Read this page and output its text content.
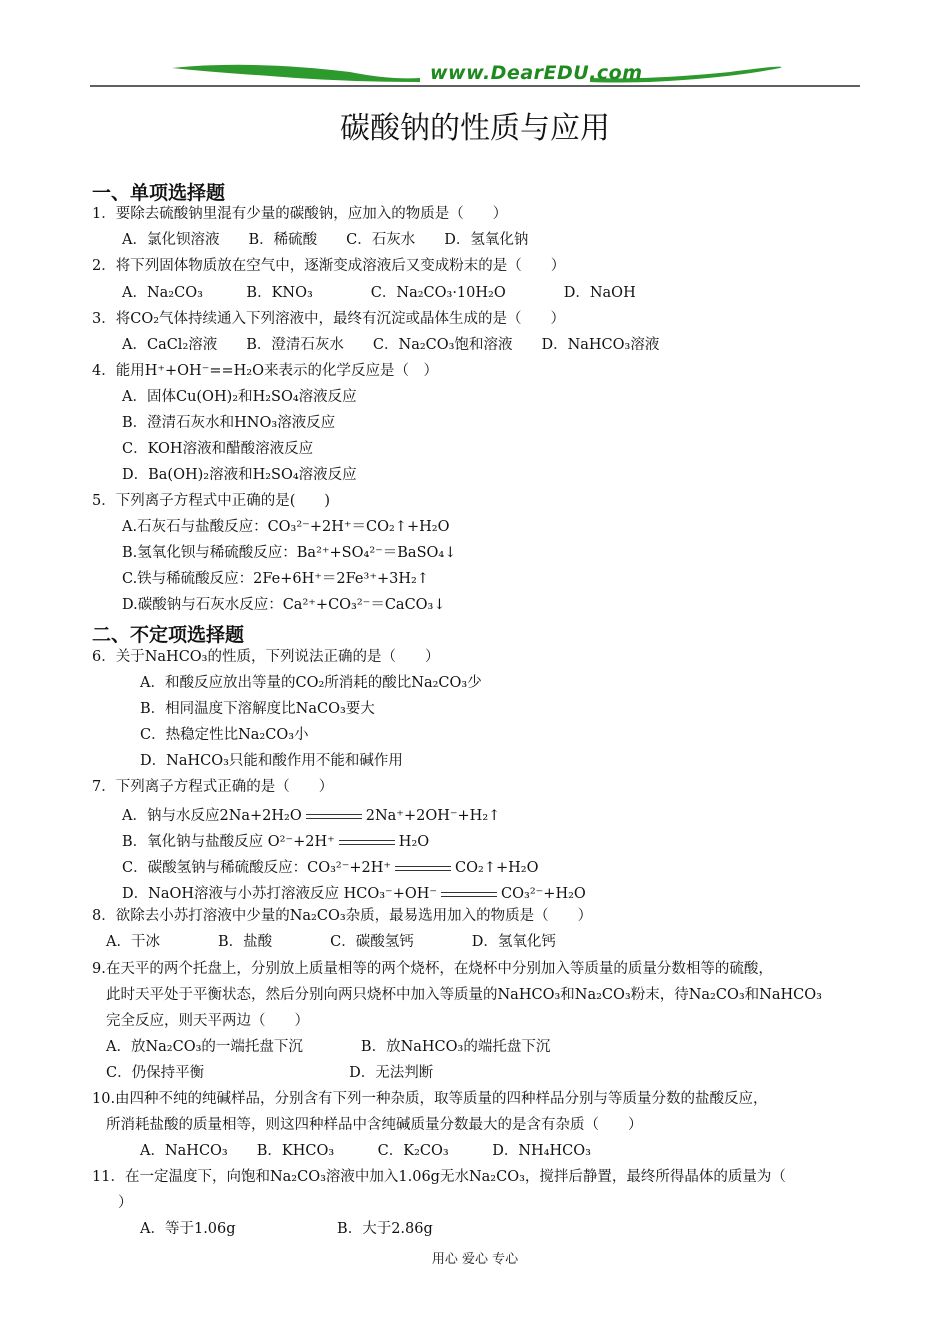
www.DearEDU.com
碳酸钠的性质与应用
一、单项选择题
1．要除去硫酸钠里混有少量的碳酸钠，应加入的物质是（　　）
A．氯化钡溶液　　B．稀硫酸　　C．石灰水　　D．氢氧化钠
2．将下列固体物质放在空气中，逐渐变成溶液后又变成粉末的是（　　）
A．Na₂CO₃　　　B．KNO₃　　　　C．Na₂CO₃·10H₂O　　　　D．NaOH
3．将CO₂气体持续通入下列溶液中，最终有沉淀或晶体生成的是（　　）
A．CaCl₂溶液　　B．澄清石灰水　　C．Na₂CO₃饱和溶液　　D．NaHCO₃溶液
4．能用H⁺+OH⁻==H₂O来表示的化学反应是（　）
A．固体Cu(OH)₂和H₂SO₄溶液反应
B．澄清石灰水和HNO₃溶液反应
C．KOH溶液和醋酸溶液反应
D．Ba(OH)₂溶液和H₂SO₄溶液反应
5．下列离子方程式中正确的是(　　)
A.石灰石与盐酸反应：CO₃²⁻+2H⁺＝CO₂↑+H₂O
B.氢氧化钡与稀硫酸反应：Ba²⁺+SO₄²⁻＝BaSO₄↓
C.铁与稀硫酸反应：2Fe+6H⁺＝2Fe³⁺+3H₂↑
D.碳酸钠与石灰水反应：Ca²⁺+CO₃²⁻＝CaCO₃↓
二、不定项选择题
6．关于NaHCO₃的性质，下列说法正确的是（　　）
A．和酸反应放出等量的CO₂所消耗的酸比Na₂CO₃少
B．相同温度下溶解度比NaCO₃要大
C．热稳定性比Na₂CO₃小
D．NaHCO₃只能和酸作用不能和碱作用
7．下列离子方程式正确的是（　　）
A．钠与水反应2Na+2H₂O	2Na⁺+2OH⁻+H₂↑
B．氧化钠与盐酸反应 O²⁻+2H⁺	H₂O
C．碳酸氢钠与稀硫酸反应：CO₃²⁻+2H⁺	CO₂↑+H₂O
D．NaOH溶液与小苏打溶液反应 HCO₃⁻+OH⁻	CO₃²⁻+H₂O
8．欲除去小苏打溶液中少量的Na₂CO₃杂质，最易选用加入的物质是（　　）
A．干冰　　　　B．盐酸　　　　C．碳酸氢钙　　　　D．氢氧化钙
9.在天平的两个托盘上，分别放上质量相等的两个烧杯，在烧杯中分别加入等质量的质量分数相等的硫酸，
此时天平处于平衡状态，然后分别向两只烧杯中加入等质量的NaHCO₃和Na₂CO₃粉末，待Na₂CO₃和NaHCO₃
完全反应，则天平两边（　　）
A．放Na₂CO₃的一端托盘下沉　　　　B．放NaHCO₃的端托盘下沉
C．仍保持平衡　　　　　　　　　　D．无法判断
10.由四种不纯的纯碱样品，分别含有下列一种杂质，取等质量的四种样品分别与等质量分数的盐酸反应，
所消耗盐酸的质量相等，则这四种样品中含纯碱质量分数最大的是含有杂质（　　）
A．NaHCO₃　　B．KHCO₃　　　C．K₂CO₃　　　D．NH₄HCO₃
11．在一定温度下，向饱和Na₂CO₃溶液中加入1.06g无水Na₂CO₃，搅拌后静置，最终所得晶体的质量为（
）
A．等于1.06g　　　　　　　B．大于2.86g
用心 爱心 专心
